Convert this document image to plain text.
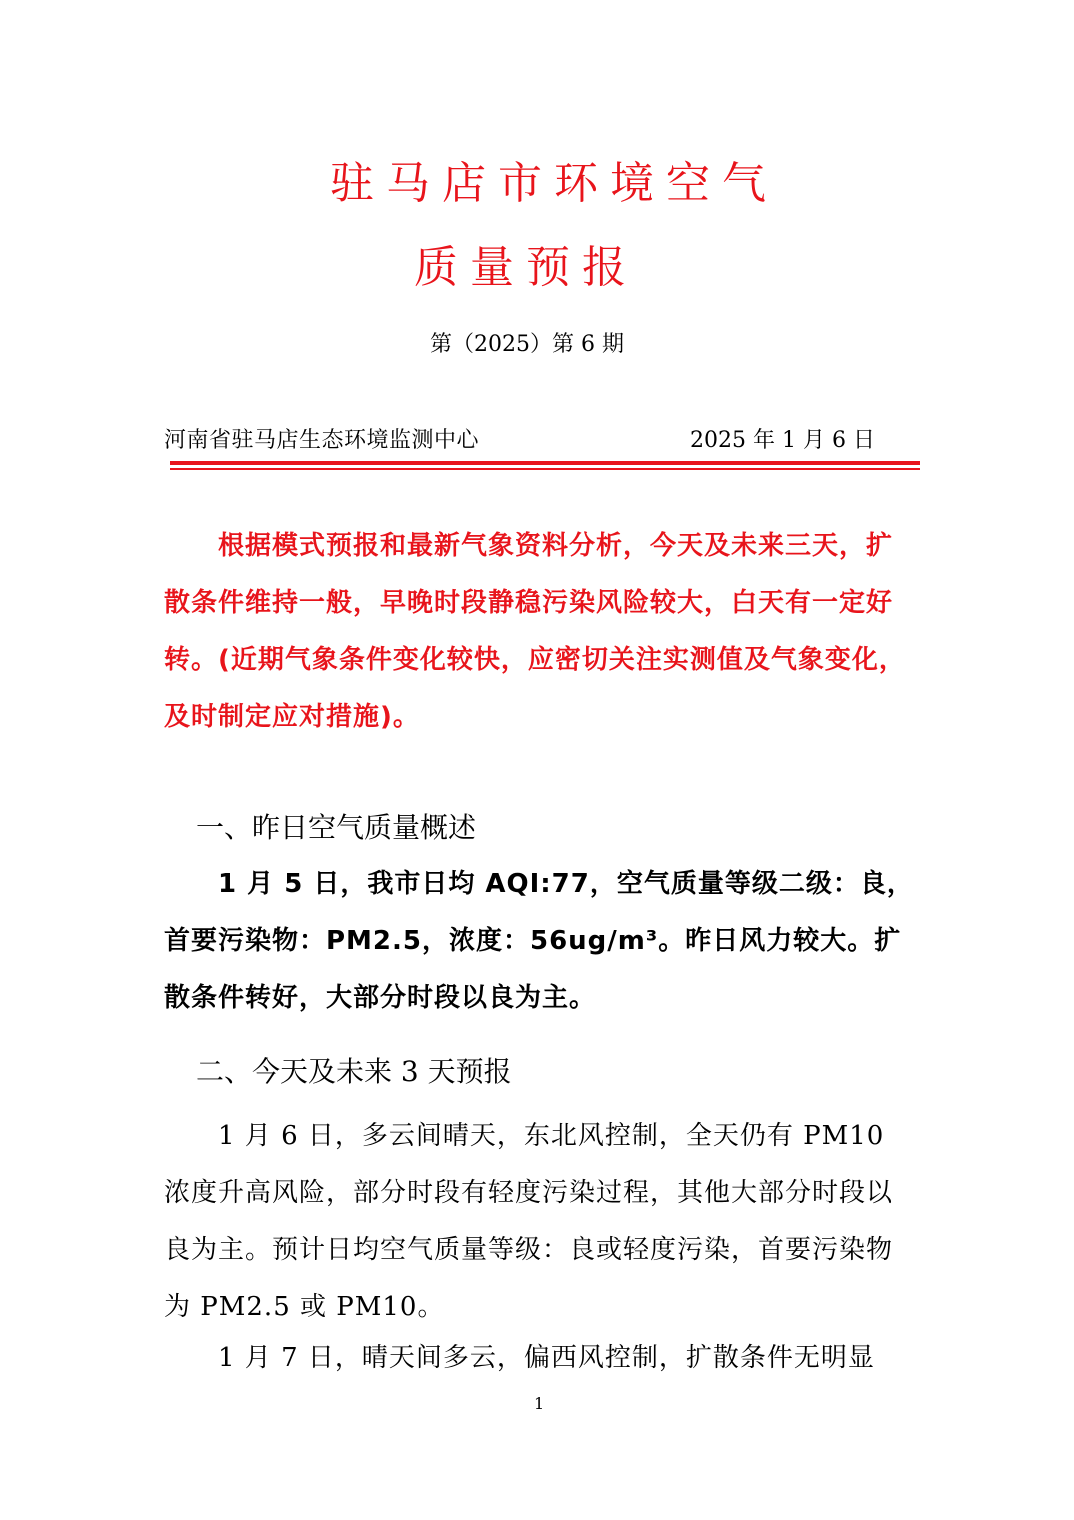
驻马店市环境空气
质量预报
第（2025）第 6 期
河南省驻马店生态环境监测中心	2025 年 1 月 6 日

根据模式预报和最新气象资料分析，今天及未来三天，扩散条件维持一般，早晚时段静稳污染风险较大，白天有一定好转。(近期气象条件变化较快，应密切关注实测值及气象变化，及时制定应对措施)。

一、昨日空气质量概述

1 月 5 日，我市日均 AQI:77，空气质量等级二级：良，首要污染物：PM2.5，浓度：56ug/m³。昨日风力较大。扩散条件转好，大部分时段以良为主。

二、今天及未来 3 天预报

1 月 6 日，多云间晴天，东北风控制，全天仍有 PM10 浓度升高风险，部分时段有轻度污染过程，其他大部分时段以良为主。预计日均空气质量等级：良或轻度污染，首要污染物为 PM2.5 或 PM10。

1 月 7 日，晴天间多云，偏西风控制，扩散条件无明显

1
